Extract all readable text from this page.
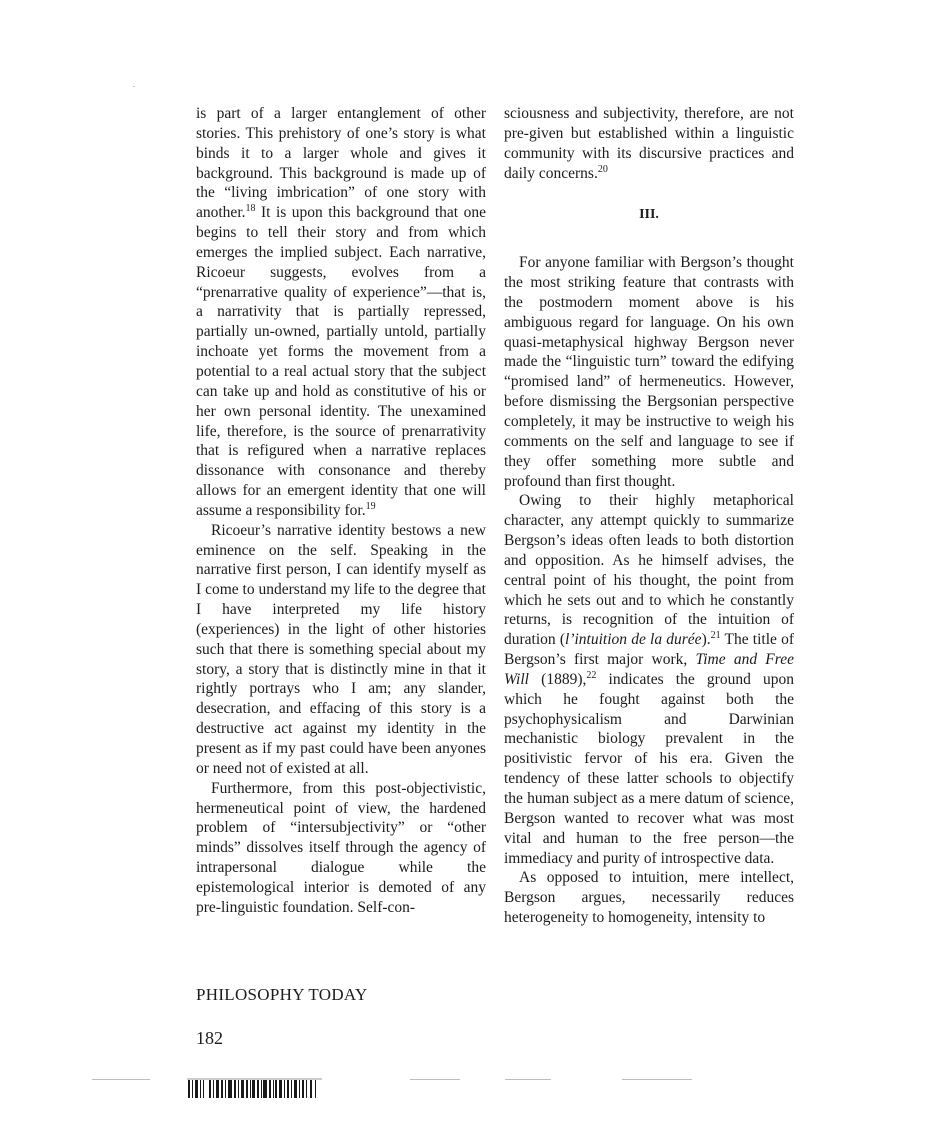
is part of a larger entanglement of other stories. This prehistory of one’s story is what binds it to a larger whole and gives it background. This background is made up of the “living imbrication” of one story with another.$^{18}$ It is upon this background that one begins to tell their story and from which emerges the implied subject. Each narrative, Ricoeur suggests, evolves from a “prenarrative quality of experience”—that is, a narrativity that is partially repressed, partially un-owned, partially untold, partially inchoate yet forms the movement from a potential to a real actual story that the subject can take up and hold as constitutive of his or her own personal identity. The unexamined life, therefore, is the source of prenarrativity that is refigured when a narrative replaces dissonance with consonance and thereby allows for an emergent identity that one will assume a responsibility for.$^{19}$

Ricoeur’s narrative identity bestows a new eminence on the self. Speaking in the narrative first person, I can identify myself as I come to understand my life to the degree that I have interpreted my life history (experiences) in the light of other histories such that there is something special about my story, a story that is distinctly mine in that it rightly portrays who I am; any slander, desecration, and effacing of this story is a destructive act against my identity in the present as if my past could have been anyones or need not of existed at all.

Furthermore, from this post-objectivistic, hermeneutical point of view, the hardened problem of “intersubjectivity” or “other minds” dissolves itself through the agency of intrapersonal dialogue while the epistemological interior is demoted of any pre-linguistic foundation. Self-con-

sciousness and subjectivity, therefore, are not pre-given but established within a linguistic community with its discursive practices and daily concerns.$^{20}$

III.

For anyone familiar with Bergson’s thought the most striking feature that contrasts with the postmodern moment above is his ambiguous regard for language. On his own quasi-metaphysical highway Bergson never made the “linguistic turn” toward the edifying “promised land” of hermeneutics. However, before dismissing the Bergsonian perspective completely, it may be instructive to weigh his comments on the self and language to see if they offer something more subtle and profound than first thought.

Owing to their highly metaphorical character, any attempt quickly to summarize Bergson’s ideas often leads to both distortion and opposition. As he himself advises, the central point of his thought, the point from which he sets out and to which he constantly returns, is recognition of the intuition of duration (l’intuition de la durée).$^{21}$ The title of Bergson’s first major work, Time and Free Will (1889),$^{22}$ indicates the ground upon which he fought against both the psychophysicalism and Darwinian mechanistic biology prevalent in the positivistic fervor of his era. Given the tendency of these latter schools to objectify the human subject as a mere datum of science, Bergson wanted to recover what was most vital and human to the free person—the immediacy and purity of introspective data.

As opposed to intuition, mere intellect, Bergson argues, necessarily reduces heterogeneity to homogeneity, intensity to

PHILOSOPHY TODAY
182
